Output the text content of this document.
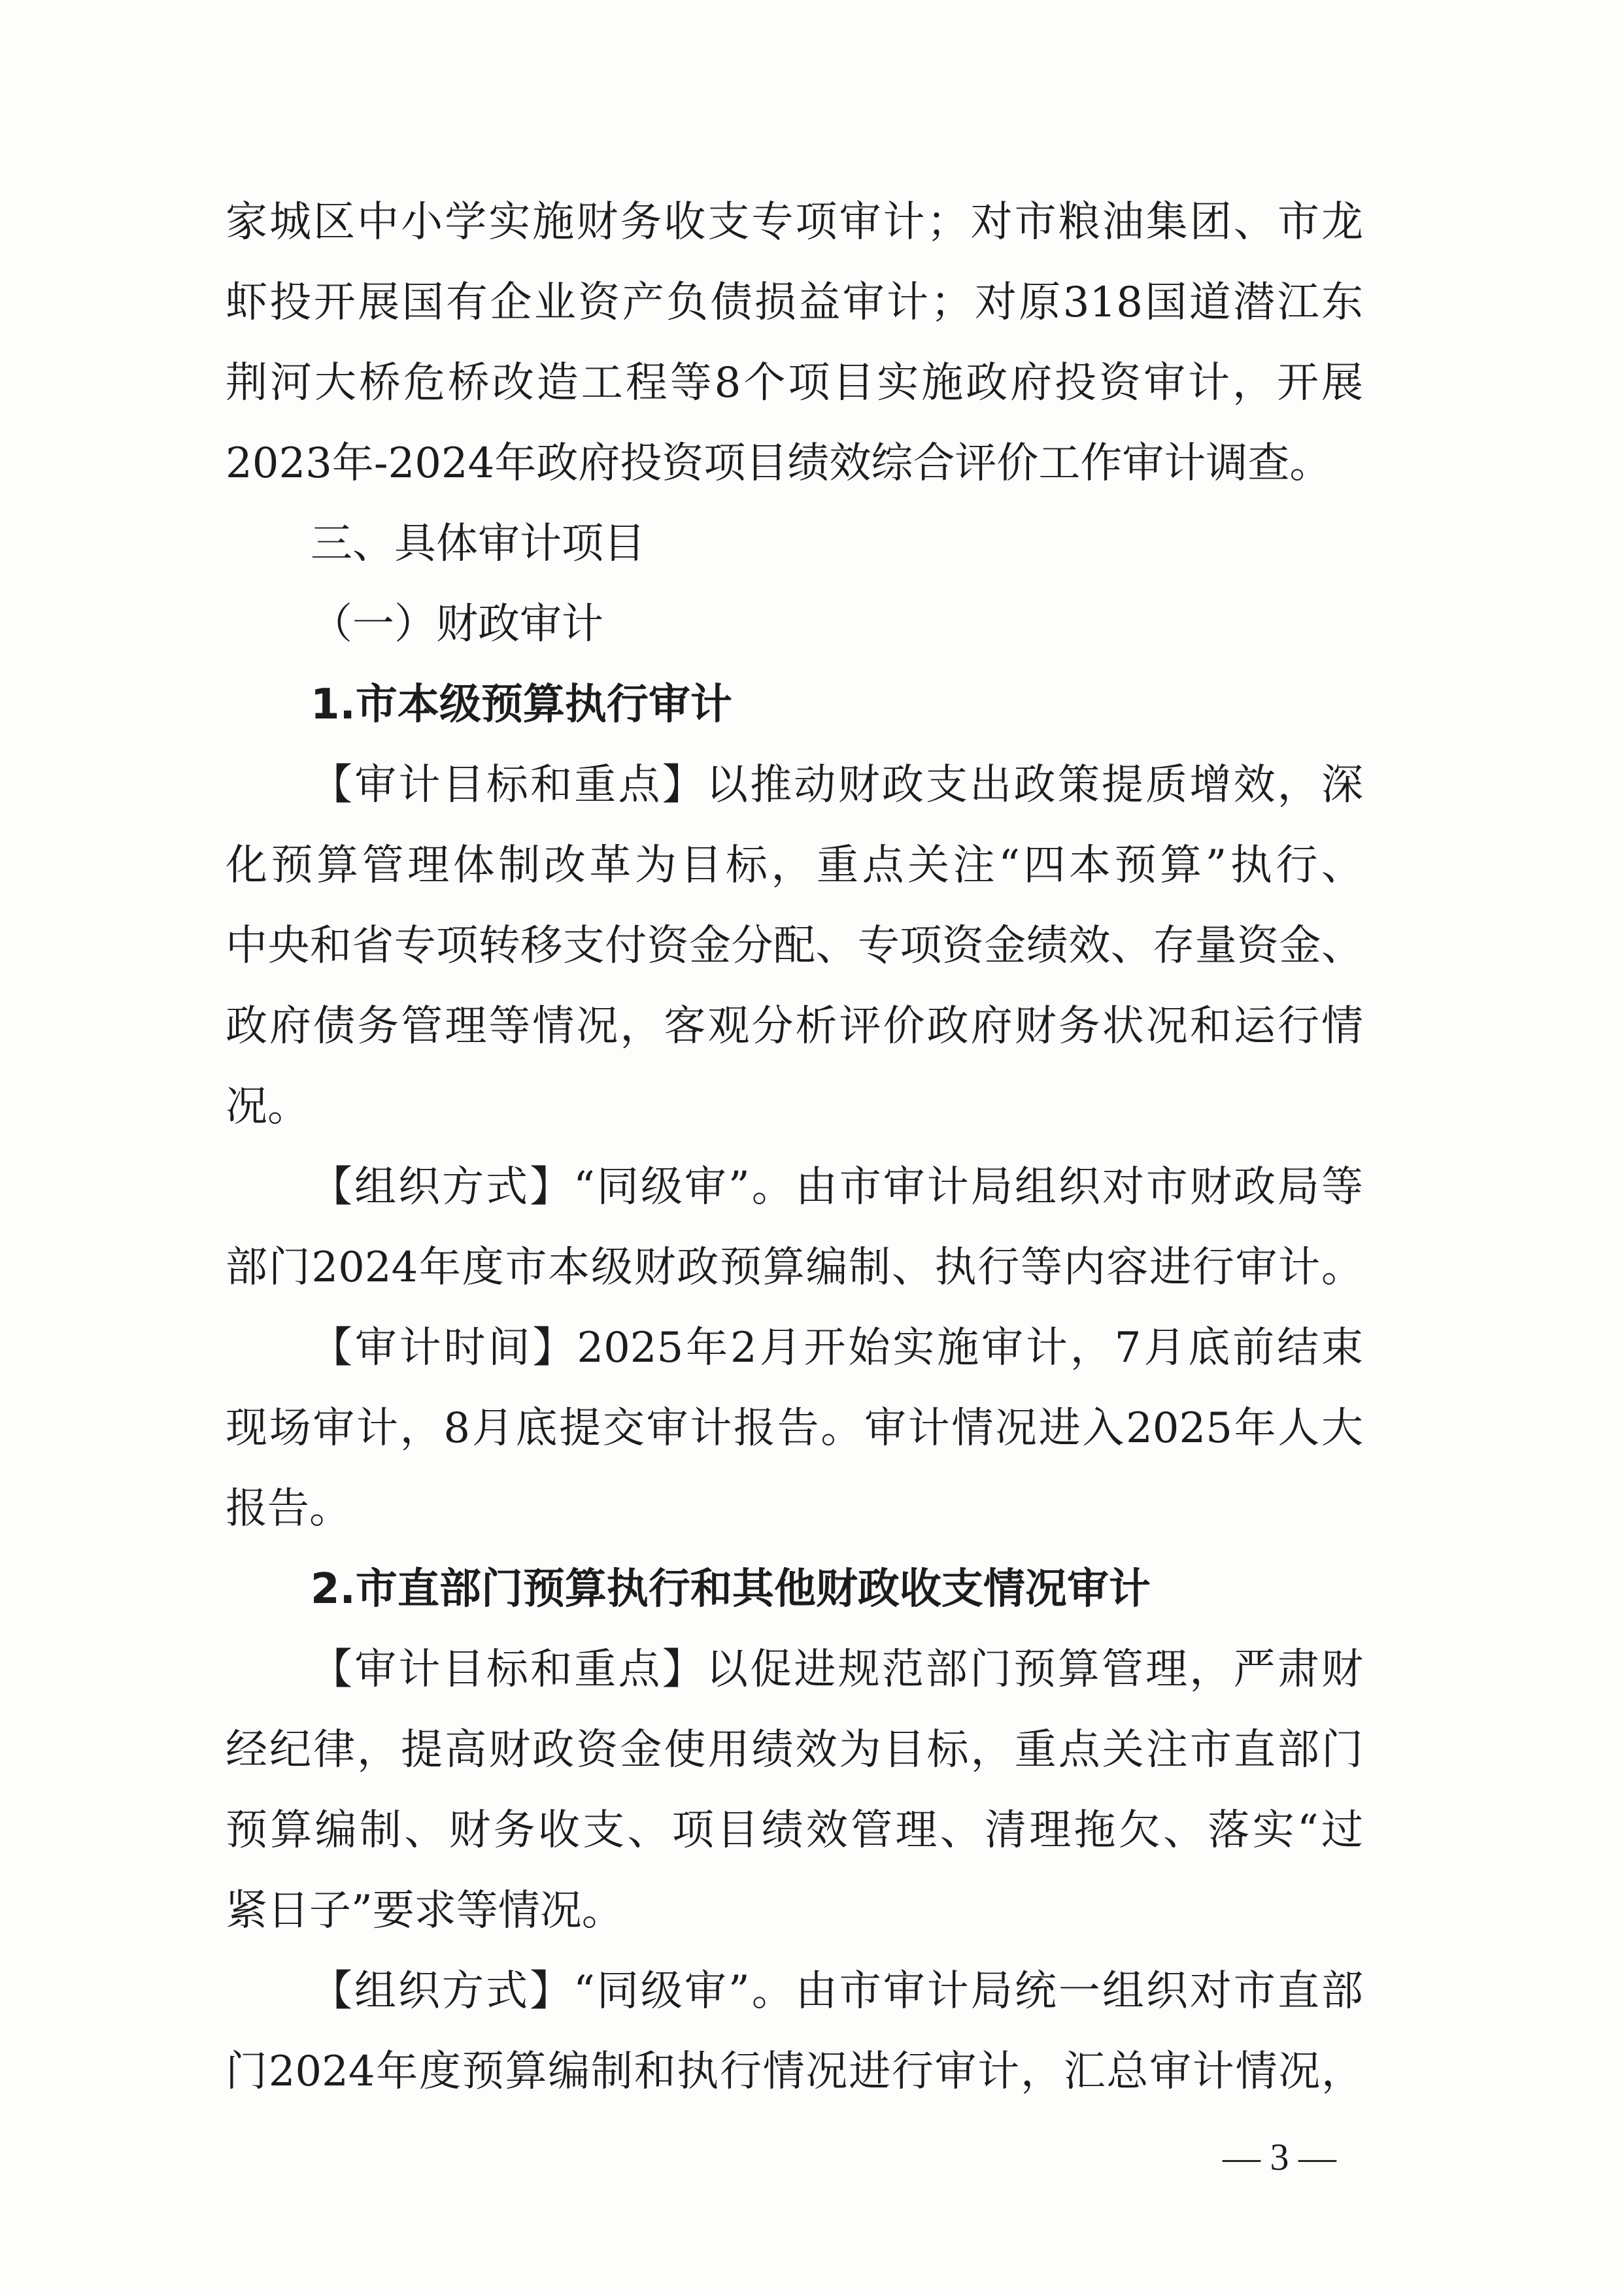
家城区中小学实施财务收支专项审计；对市粮油集团、市龙
虾投开展国有企业资产负债损益审计；对原318国道潜江东
荆河大桥危桥改造工程等8个项目实施政府投资审计，开展
2023年-2024年政府投资项目绩效综合评价工作审计调查。
三、具体审计项目
（一）财政审计
1.市本级预算执行审计
【审计目标和重点】以推动财政支出政策提质增效，深
化预算管理体制改革为目标，重点关注“四本预算”执行、
中央和省专项转移支付资金分配、专项资金绩效、存量资金、
政府债务管理等情况，客观分析评价政府财务状况和运行情
况。
【组织方式】“同级审”。由市审计局组织对市财政局等
部门2024年度市本级财政预算编制、执行等内容进行审计。
【审计时间】2025年2月开始实施审计，7月底前结束
现场审计，8月底提交审计报告。审计情况进入2025年人大
报告。
2.市直部门预算执行和其他财政收支情况审计
【审计目标和重点】以促进规范部门预算管理，严肃财
经纪律，提高财政资金使用绩效为目标，重点关注市直部门
预算编制、财务收支、项目绩效管理、清理拖欠、落实“过
紧日子”要求等情况。
【组织方式】“同级审”。由市审计局统一组织对市直部
门2024年度预算编制和执行情况进行审计，汇总审计情况，
— 3 —
